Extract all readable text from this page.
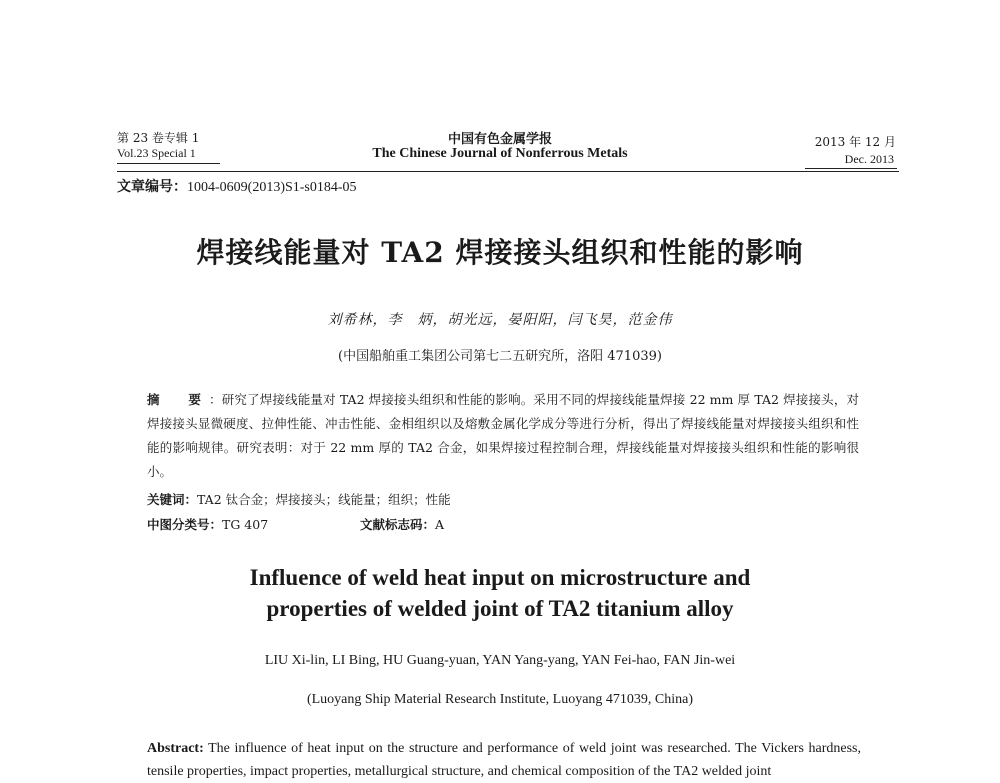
第 23 卷专辑 1
Vol.23 Special 1
中国有色金属学报
The Chinese Journal of Nonferrous Metals
2013 年 12 月
Dec. 2013
文章编号：1004-0609(2013)S1-s0184-05
焊接线能量对 TA2 焊接接头组织和性能的影响
刘希林，李　炳，胡光远，晏阳阳，闫飞昊，范金伟
(中国船舶重工集团公司第七二五研究所，洛阳 471039)
摘　要：研究了焊接线能量对 TA2 焊接接头组织和性能的影响。采用不同的焊接线能量焊接 22 mm 厚 TA2 焊接接头，对焊接接头显微硬度、拉伸性能、冲击性能、金相组织以及熔敷金属化学成分等进行分析，得出了焊接线能量对焊接接头组织和性能的影响规律。研究表明：对于 22 mm 厚的 TA2 合金，如果焊接过程控制合理，焊接线能量对焊接接头组织和性能的影响很小。
关键词：TA2 钛合金；焊接接头；线能量；组织；性能
中图分类号：TG 407	文献标志码：A
Influence of weld heat input on microstructure and
properties of welded joint of TA2 titanium alloy
LIU Xi-lin, LI Bing, HU Guang-yuan, YAN Yang-yang, YAN Fei-hao, FAN Jin-wei
(Luoyang Ship Material Research Institute, Luoyang 471039, China)
Abstract: The influence of heat input on the structure and performance of weld joint was researched. The Vickers hardness, tensile properties, impact properties, metallurgical structure, and chemical composition of the TA2 welded joint
